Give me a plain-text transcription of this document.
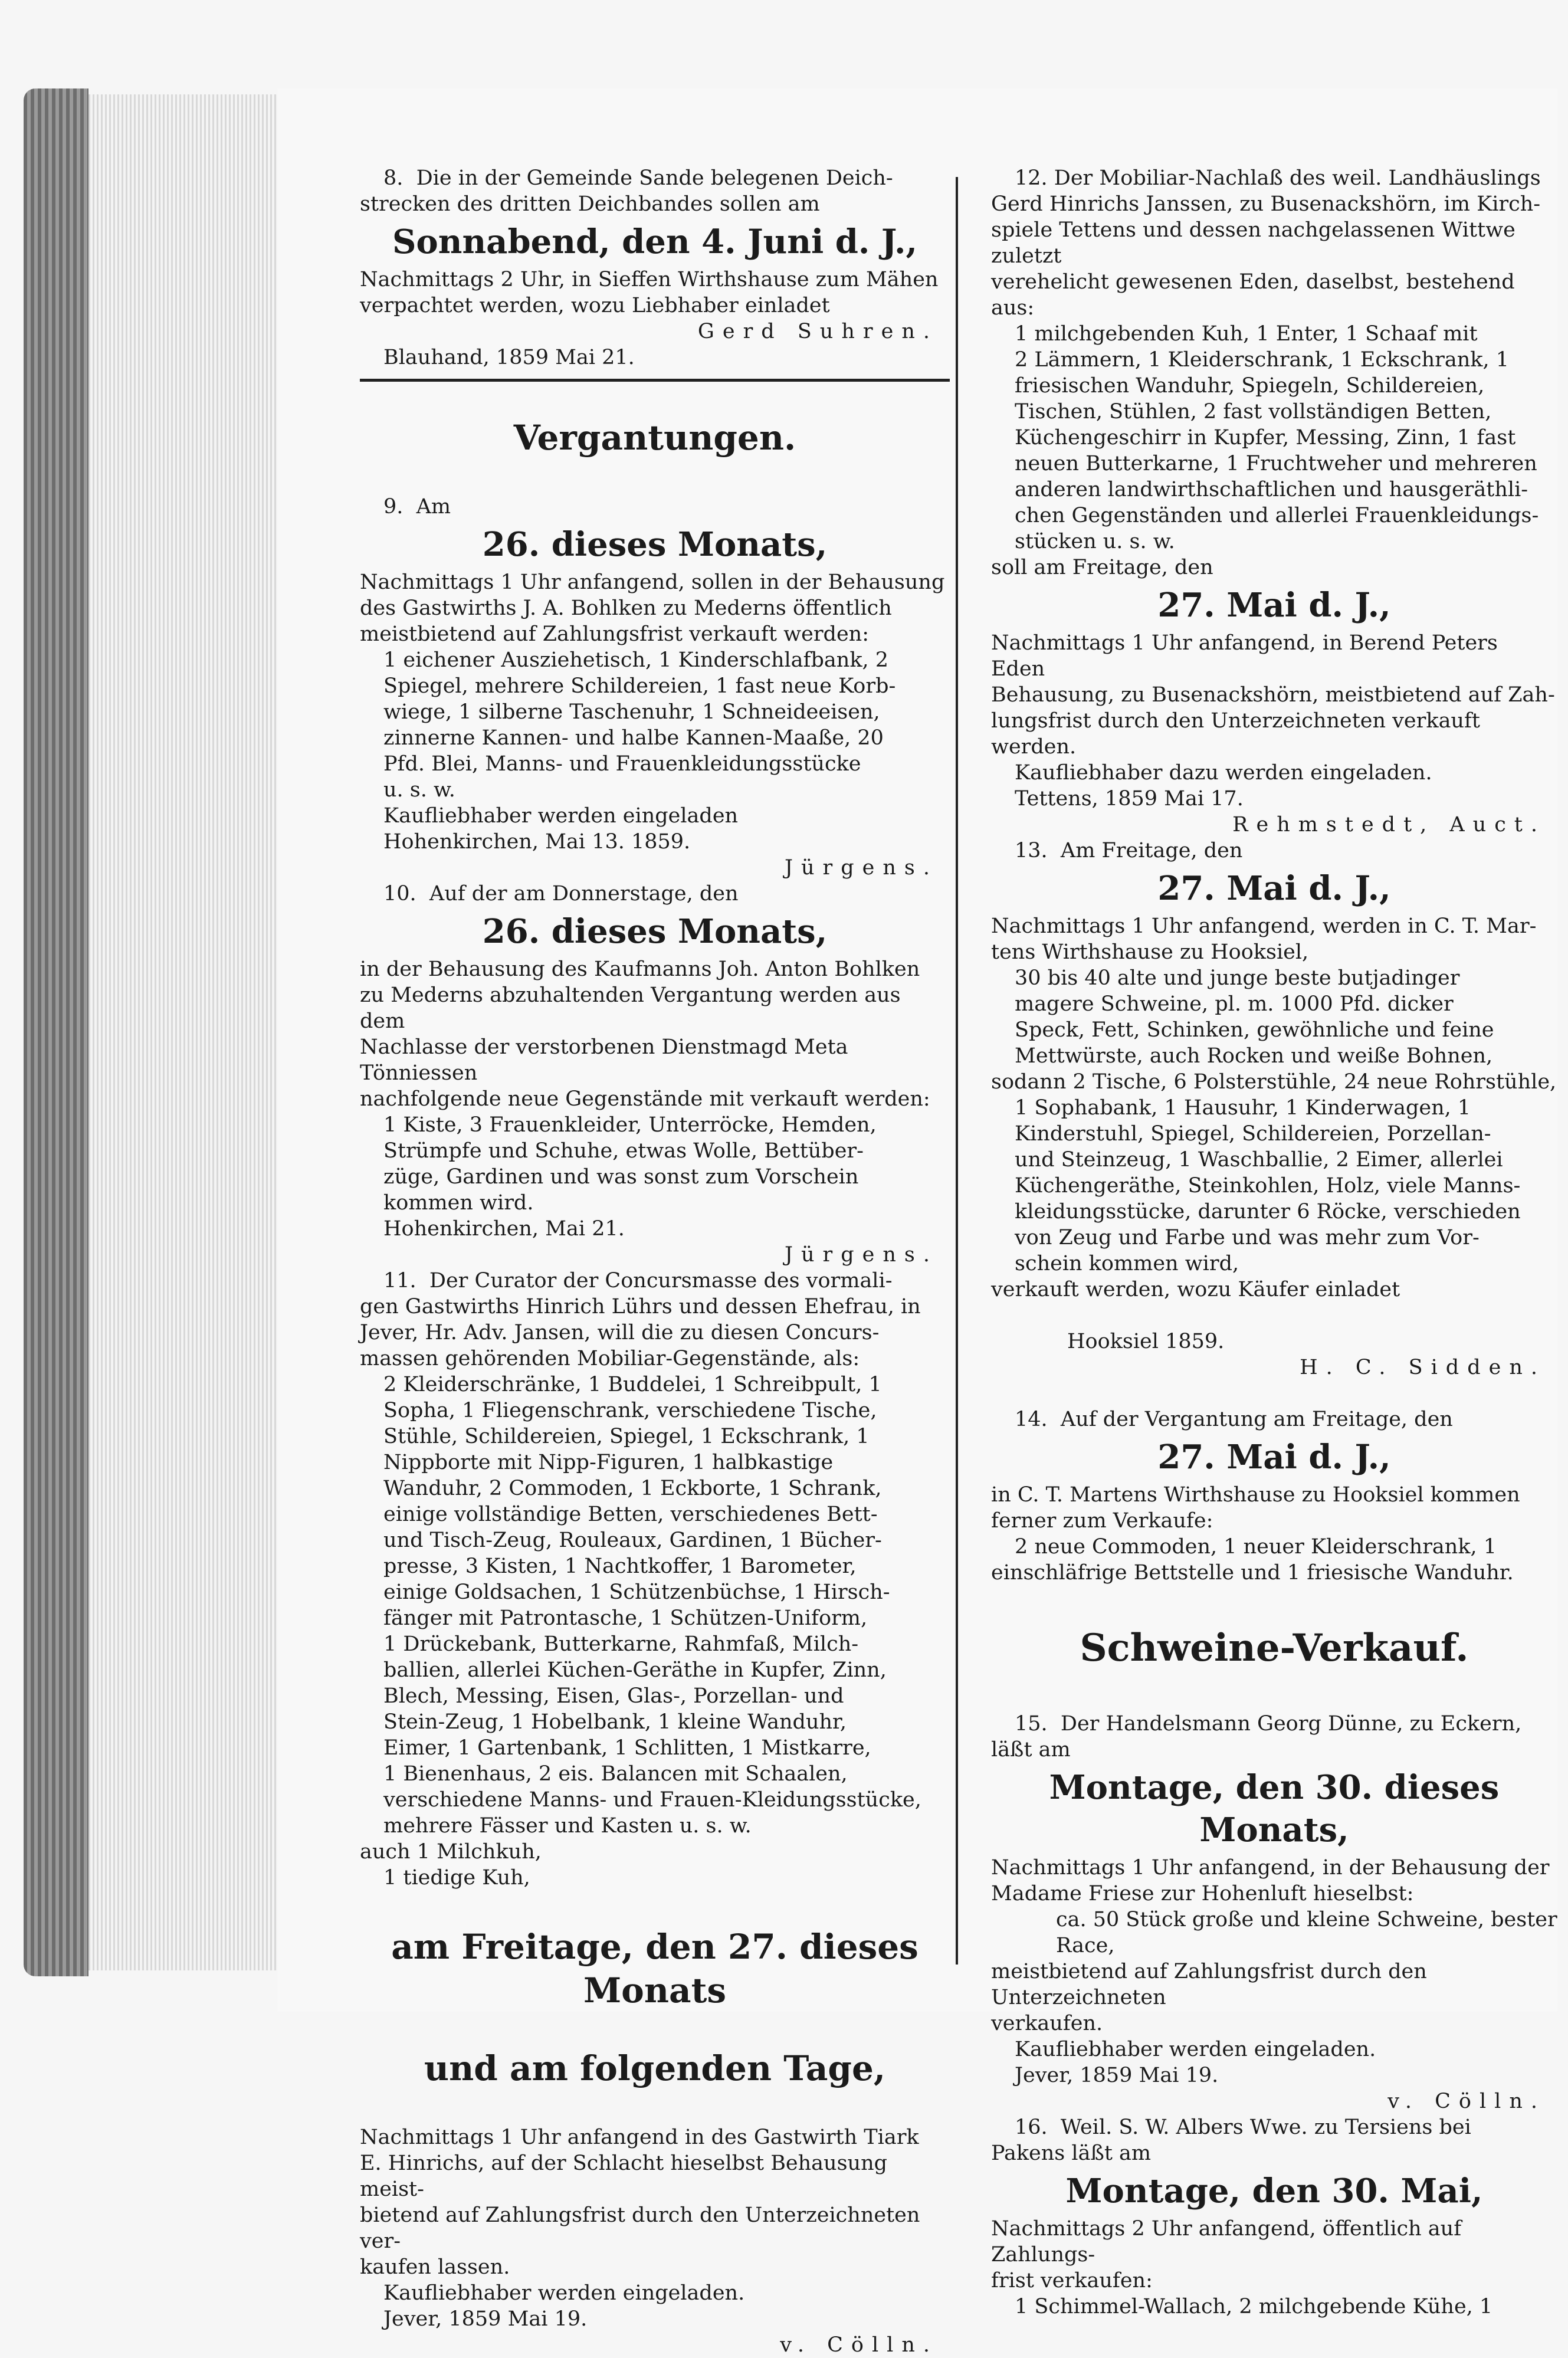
8.  Die in der Gemeinde Sande belegenen Deich-

strecken des dritten Deichbandes sollen am

Sonnabend, den 4. Juni d. J.,

Nachmittags 2 Uhr, in Sieffen Wirthshause zum Mähen

verpachtet werden, wozu Liebhaber einladet

Gerd Suhren.

Blauhand, 1859 Mai 21.

Vergantungen.

9.  Am

26. dieses Monats,

Nachmittags 1 Uhr anfangend, sollen in der Behausung

des Gastwirths J. A. Bohlken zu Mederns öffentlich

meistbietend auf Zahlungsfrist verkauft werden:

1 eichener Ausziehetisch, 1 Kinderschlafbank, 2

Spiegel, mehrere Schildereien, 1 fast neue Korb-

wiege, 1 silberne Taschenuhr, 1 Schneideeisen,

zinnerne Kannen- und halbe Kannen-Maaße, 20

Pfd. Blei, Manns- und Frauenkleidungsstücke

u. s. w.

Kaufliebhaber werden eingeladen

Hohenkirchen, Mai 13. 1859.

Jürgens.

10.  Auf der am Donnerstage, den

26. dieses Monats,

in der Behausung des Kaufmanns Joh. Anton Bohlken

zu Mederns abzuhaltenden Vergantung werden aus dem

Nachlasse der verstorbenen Dienstmagd Meta Tönniessen

nachfolgende neue Gegenstände mit verkauft werden:

1 Kiste, 3 Frauenkleider, Unterröcke, Hemden,

Strümpfe und Schuhe, etwas Wolle, Bettüber-

züge, Gardinen und was sonst zum Vorschein

kommen wird.

Hohenkirchen, Mai 21.

Jürgens.

11.  Der Curator der Concursmasse des vormali-

gen Gastwirths Hinrich Lührs und dessen Ehefrau, in

Jever, Hr. Adv. Jansen, will die zu diesen Concurs-

massen gehörenden Mobiliar-Gegenstände, als:

2 Kleiderschränke, 1 Buddelei, 1 Schreibpult, 1

Sopha, 1 Fliegenschrank, verschiedene Tische,

Stühle, Schildereien, Spiegel, 1 Eckschrank, 1

Nippborte mit Nipp-Figuren, 1 halbkastige

Wanduhr, 2 Commoden, 1 Eckborte, 1 Schrank,

einige vollständige Betten, verschiedenes Bett-

und Tisch-Zeug, Rouleaux, Gardinen, 1 Bücher-

presse, 3 Kisten, 1 Nachtkoffer, 1 Barometer,

einige Goldsachen, 1 Schützenbüchse, 1 Hirsch-

fänger mit Patrontasche, 1 Schützen-Uniform,

1 Drückebank, Butterkarne, Rahmfaß, Milch-

ballien, allerlei Küchen-Geräthe in Kupfer, Zinn,

Blech, Messing, Eisen, Glas-, Porzellan- und

Stein-Zeug, 1 Hobelbank, 1 kleine Wanduhr,

Eimer, 1 Gartenbank, 1 Schlitten, 1 Mistkarre,

1 Bienenhaus, 2 eis. Balancen mit Schaalen,

verschiedene Manns- und Frauen-Kleidungsstücke,

mehrere Fässer und Kasten u. s. w.

auch 1 Milchkuh,

1 tiedige Kuh,

am Freitage, den 27. dieses Monats

und am folgenden Tage,

Nachmittags 1 Uhr anfangend in des Gastwirth Tiark

E. Hinrichs, auf der Schlacht hieselbst Behausung meist-

bietend auf Zahlungsfrist durch den Unterzeichneten ver-

kaufen lassen.

Kaufliebhaber werden eingeladen.

Jever, 1859 Mai 19.

v. Cölln.

12. Der Mobiliar-Nachlaß des weil. Landhäuslings

Gerd Hinrichs Janssen, zu Busenackshörn, im Kirch-

spiele Tettens und dessen nachgelassenen Wittwe zuletzt

verehelicht gewesenen Eden, daselbst, bestehend aus:

1 milchgebenden Kuh, 1 Enter, 1 Schaaf mit

2 Lämmern, 1 Kleiderschrank, 1 Eckschrank, 1

friesischen Wanduhr, Spiegeln, Schildereien,

Tischen, Stühlen, 2 fast vollständigen Betten,

Küchengeschirr in Kupfer, Messing, Zinn, 1 fast

neuen Butterkarne, 1 Fruchtweher und mehreren

anderen landwirthschaftlichen und hausgeräthli-

chen Gegenständen und allerlei Frauenkleidungs-

stücken u. s. w.

soll am Freitage, den

27. Mai d. J.,

Nachmittags 1 Uhr anfangend, in Berend Peters Eden

Behausung, zu Busenackshörn, meistbietend auf Zah-

lungsfrist durch den Unterzeichneten verkauft werden.

Kaufliebhaber dazu werden eingeladen.

Tettens, 1859 Mai 17.

Rehmstedt, Auct.

13.  Am Freitage, den

27. Mai d. J.,

Nachmittags 1 Uhr anfangend, werden in C. T. Mar-

tens Wirthshause zu Hooksiel,

30 bis 40 alte und junge beste butjadinger

magere Schweine, pl. m. 1000 Pfd. dicker

Speck, Fett, Schinken, gewöhnliche und feine

Mettwürste, auch Rocken und weiße Bohnen,

sodann 2 Tische, 6 Polsterstühle, 24 neue Rohrstühle,

1 Sophabank, 1 Hausuhr, 1 Kinderwagen, 1

Kinderstuhl, Spiegel, Schildereien, Porzellan-

und Steinzeug, 1 Waschballie, 2 Eimer, allerlei

Küchengeräthe, Steinkohlen, Holz, viele Manns-

kleidungsstücke, darunter 6 Röcke, verschieden

von Zeug und Farbe und was mehr zum Vor-

schein kommen wird,

verkauft werden, wozu Käufer einladet

Hooksiel 1859.

H. C. Sidden.

14.  Auf der Vergantung am Freitage, den

27. Mai d. J.,

in C. T. Martens Wirthshause zu Hooksiel kommen

ferner zum Verkaufe:

2 neue Commoden, 1 neuer Kleiderschrank, 1

einschläfrige Bettstelle und 1 friesische Wanduhr.

Schweine-Verkauf.

15.  Der Handelsmann Georg Dünne, zu Eckern,

läßt am

Montage, den 30. dieses Monats,

Nachmittags 1 Uhr anfangend, in der Behausung der

Madame Friese zur Hohenluft hieselbst:

ca. 50 Stück große und kleine Schweine, bester

Race,

meistbietend auf Zahlungsfrist durch den Unterzeichneten

verkaufen.

Kaufliebhaber werden eingeladen.

Jever, 1859 Mai 19.

v. Cölln.

16.  Weil. S. W. Albers Wwe. zu Tersiens bei

Pakens läßt am

Montage, den 30. Mai,

Nachmittags 2 Uhr anfangend, öffentlich auf Zahlungs-

frist verkaufen:

1 Schimmel-Wallach, 2 milchgebende Kühe, 1
